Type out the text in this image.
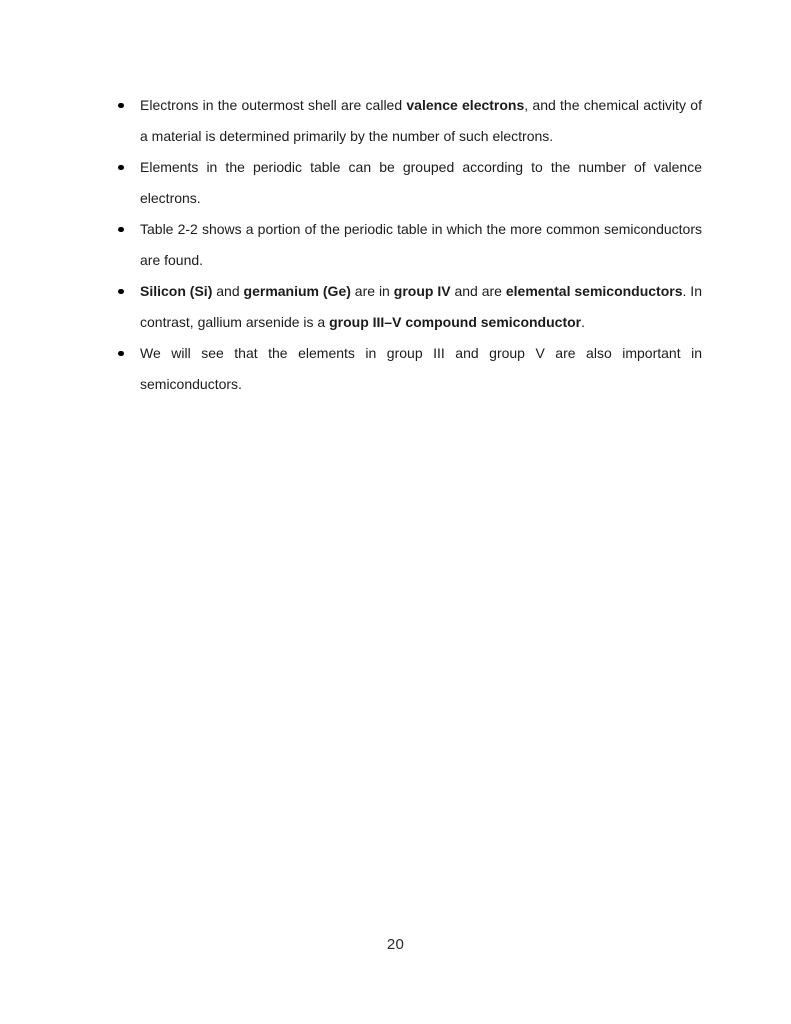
Electrons in the outermost shell are called valence electrons, and the chemical activity of a material is determined primarily by the number of such electrons.
Elements in the periodic table can be grouped according to the number of valence electrons.
Table 2-2 shows a portion of the periodic table in which the more common semiconductors are found.
Silicon (Si) and germanium (Ge) are in group IV and are elemental semiconductors. In contrast, gallium arsenide is a group III–V compound semiconductor.
We will see that the elements in group III and group V are also important in semiconductors.
20
